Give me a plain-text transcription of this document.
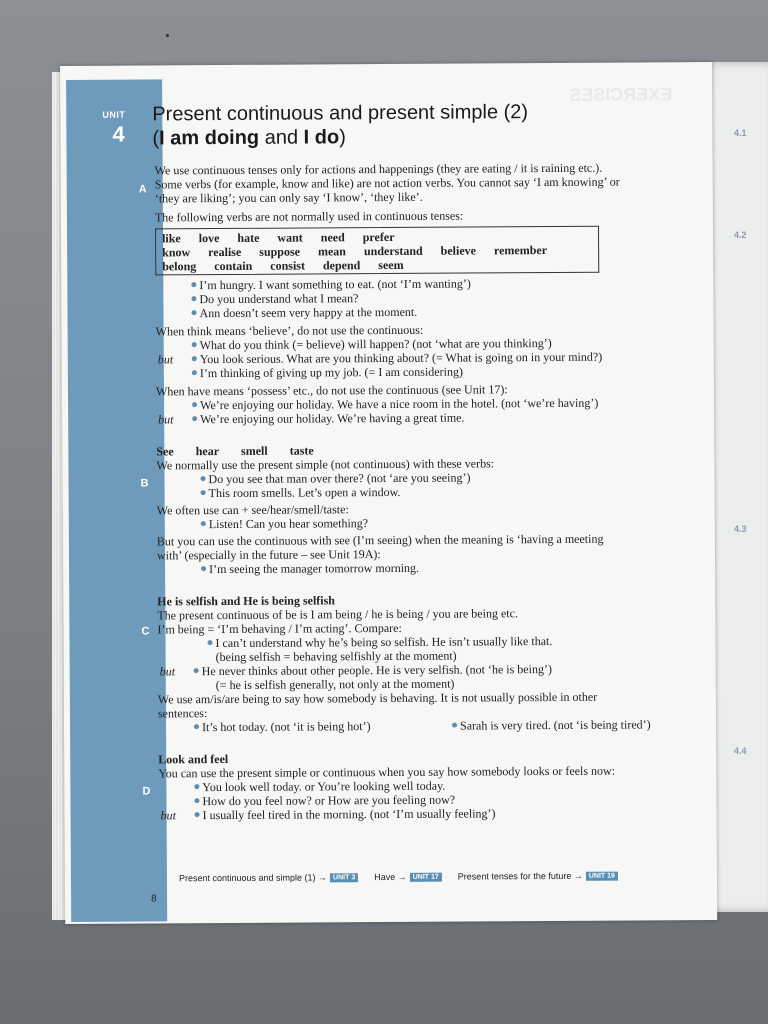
4.1
4.2
4.3
4.4
EXERCISES
UNIT
4
A
B
C
D
8
Present continuous and present simple (2)
(I am doing and I do)

We use continuous tenses only for actions and happenings (they are eating / it is raining etc.).

Some verbs (for example, know and like) are not action verbs. You cannot say ‘I am knowing’ or

‘they are liking’; you can only say ‘I know’, ‘they like’.

The following verbs are not normally used in continuous tenses:

like love hate want need prefer
know realise suppose mean understand believe remember
belong contain consist depend seem

I’m hungry. I want something to eat. (not ‘I’m wanting’)

Do you understand what I mean?

Ann doesn’t seem very happy at the moment.

When think means ‘believe’, do not use the continuous:

What do you think (= believe) will happen? (not ‘what are you thinking’)

but You look serious. What are you thinking about? (= What is going on in your mind?)

I’m thinking of giving up my job. (= I am considering)

When have means ‘possess’ etc., do not use the continuous (see Unit 17):

We’re enjoying our holiday. We have a nice room in the hotel. (not ‘we’re having’)

but We’re enjoying our holiday. We’re having a great time.

See hear smell taste

We normally use the present simple (not continuous) with these verbs:

Do you see that man over there? (not ‘are you seeing’)

This room smells. Let’s open a window.

We often use can + see/hear/smell/taste:

Listen! Can you hear something?

But you can use the continuous with see (I’m seeing) when the meaning is ‘having a meeting

with’ (especially in the future – see Unit 19A):

I’m seeing the manager tomorrow morning.

He is selfish and He is being selfish

The present continuous of be is I am being / he is being / you are being etc.

I’m being = ‘I’m behaving / I’m acting’. Compare:

I can’t understand why he’s being so selfish. He isn’t usually like that.

(being selfish = behaving selfishly at the moment)

but He never thinks about other people. He is very selfish. (not ‘he is being’)

(= he is selfish generally, not only at the moment)

We use am/is/are being to say how somebody is behaving. It is not usually possible in other

sentences:

It’s hot today. (not ‘it is being hot’)	Sarah is very tired. (not ‘is being tired’)

Look and feel

You can use the present simple or continuous when you say how somebody looks or feels now:

You look well today. or You’re looking well today.

How do you feel now? or How are you feeling now?

but I usually feel tired in the morning. (not ‘I’m usually feeling’)

Present continuous and simple (1) → UNIT 3	Have → UNIT 17	Present tenses for the future → UNIT 19
